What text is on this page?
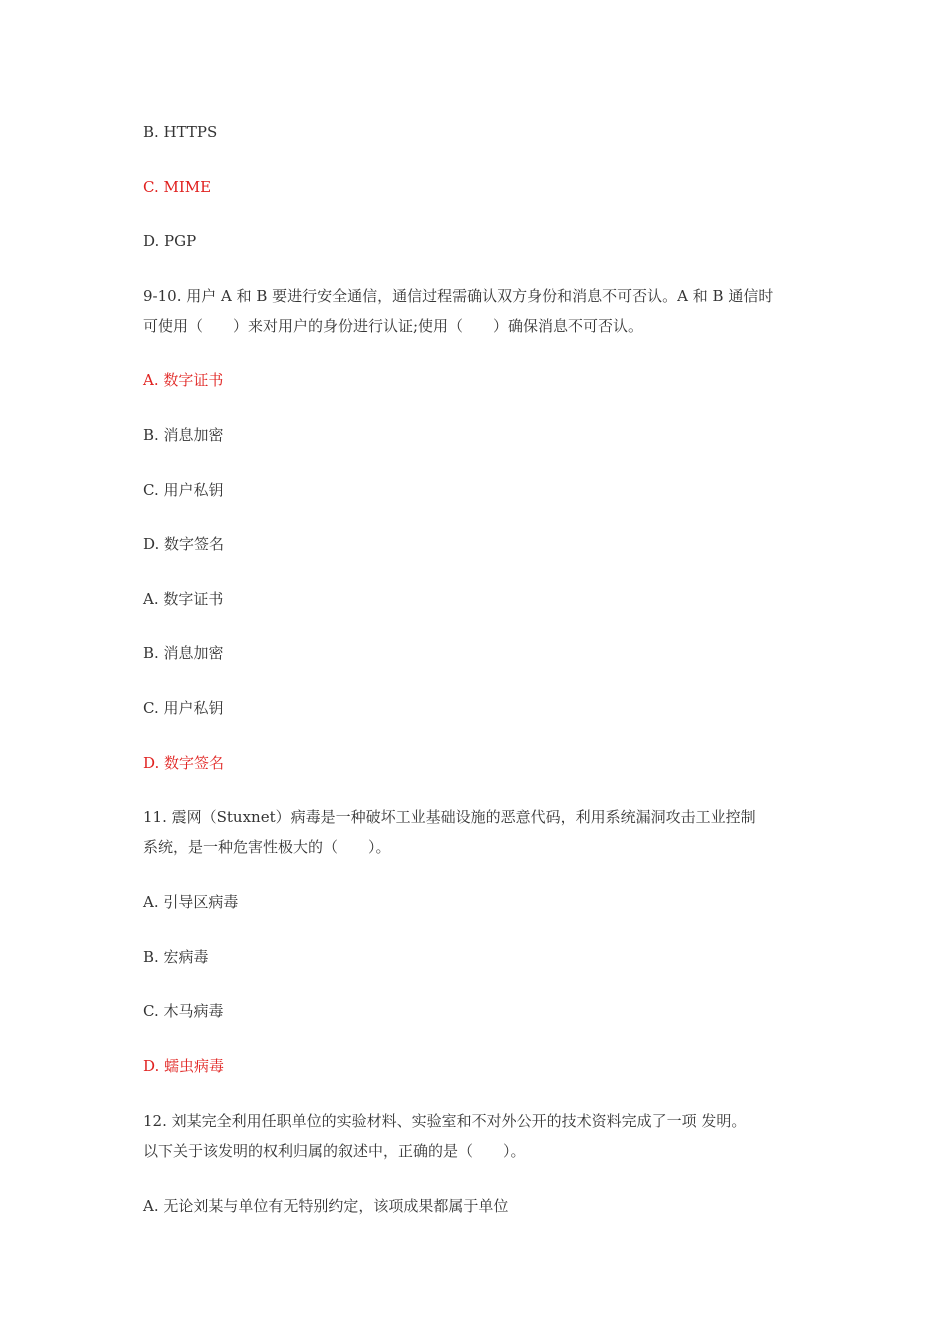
B. HTTPS
C. MIME
D. PGP
9-10. 用户 A 和 B 要进行安全通信，通信过程需确认双方身份和消息不可否认。A 和 B 通信时
可使用（　　）来对用户的身份进行认证;使用（　　）确保消息不可否认。
A. 数字证书
B. 消息加密
C. 用户私钥
D. 数字签名
A. 数字证书
B. 消息加密
C. 用户私钥
D. 数字签名
11. 震网（Stuxnet）病毒是一种破坏工业基础设施的恶意代码，利用系统漏洞攻击工业控制
系统，是一种危害性极大的（　　）。
A. 引导区病毒
B. 宏病毒
C. 木马病毒
D. 蠕虫病毒
12. 刘某完全利用任职单位的实验材料、实验室和不对外公开的技术资料完成了一项 发明。
以下关于该发明的权利归属的叙述中，正确的是（　　）。
A. 无论刘某与单位有无特别约定，该项成果都属于单位
